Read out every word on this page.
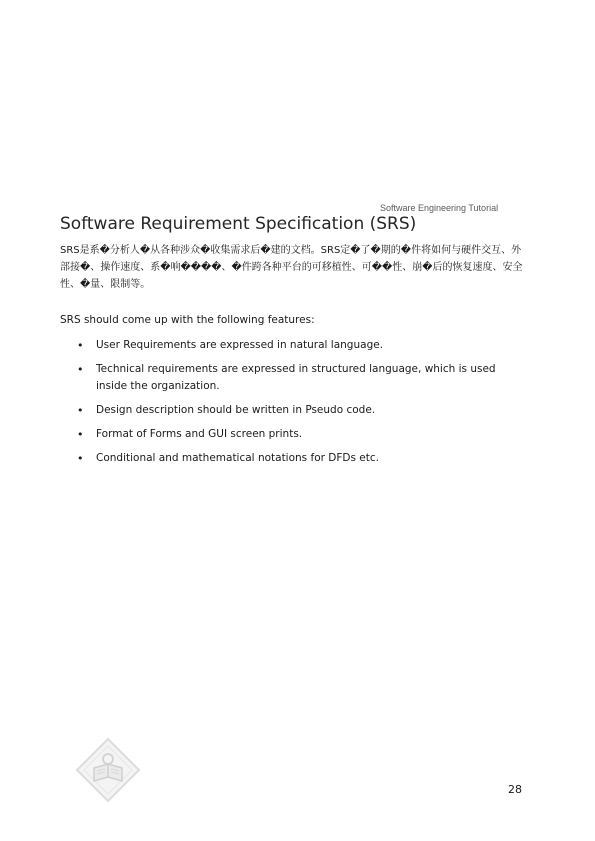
Software Engineering Tutorial
Software Requirement Specification (SRS)

SRS是系�分析人�从各种涉众�收集需求后�建的文档。SRS定�了�期的�件将如何与硬件交互、外部接�、操作速度、系�响����、�件跨各种平台的可移植性、可��性、崩�后的恢复速度、安全性、�量、限制等。

SRS should come up with the following features:

• User Requirements are expressed in natural language.
• Technical requirements are expressed in structured language, which is used inside the organization.
• Design description should be written in Pseudo code.
• Format of Forms and GUI screen prints.
• Conditional and mathematical notations for DFDs etc.
28
